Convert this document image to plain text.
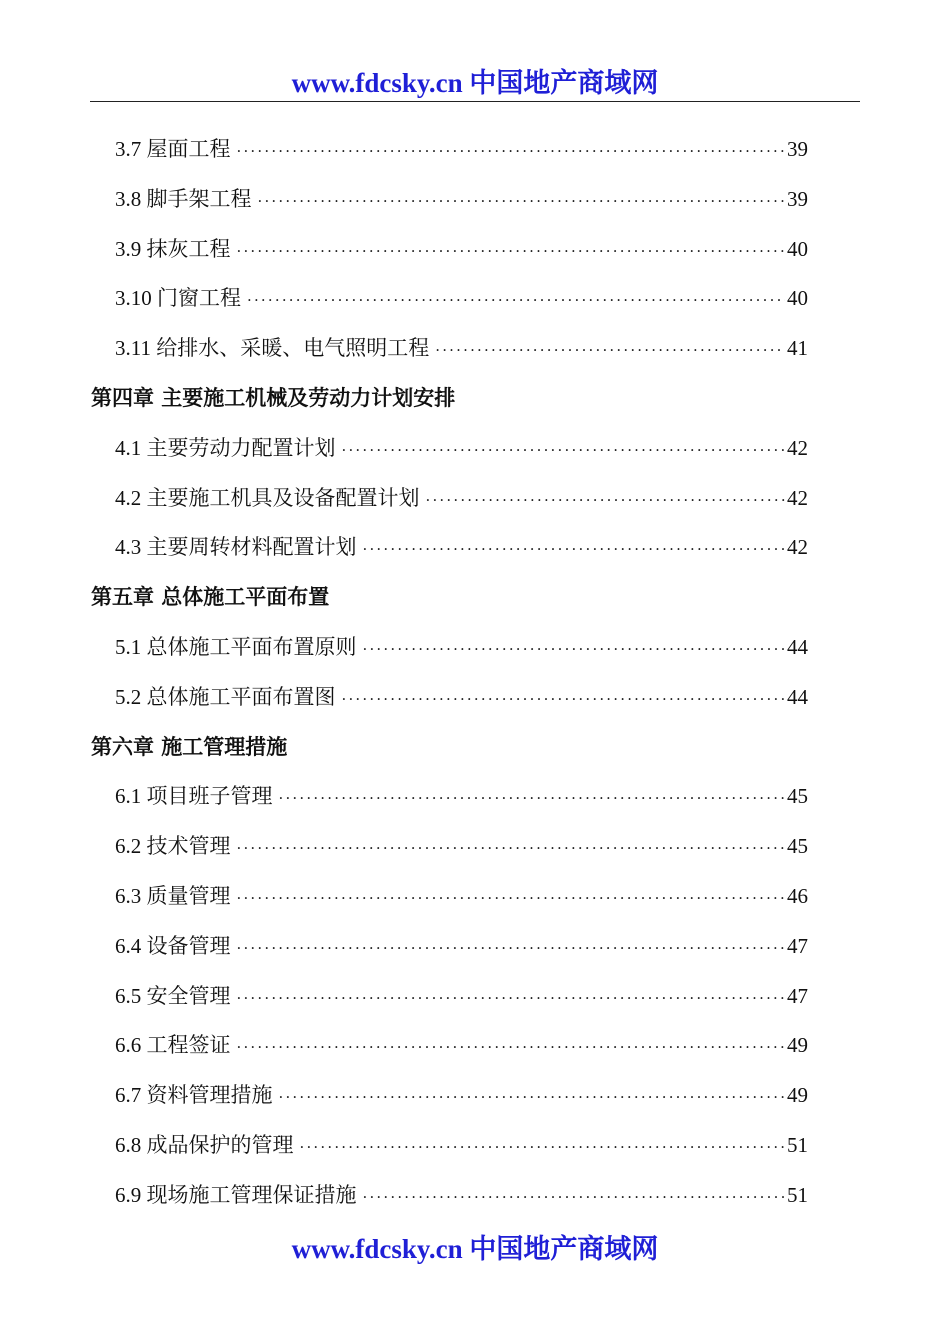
www.fdcsky.cn 中国地产商域网
3.7 屋面工程 ·····	39
3.8 脚手架工程 ·····	39
3.9 抹灰工程 ·····	40
3.10 门窗工程 ·····	40
3.11 给排水、采暖、电气照明工程 ·····	41
第四章 主要施工机械及劳动力计划安排
4.1 主要劳动力配置计划 ·····	42
4.2 主要施工机具及设备配置计划 ·····	42
4.3 主要周转材料配置计划 ·····	42
第五章 总体施工平面布置
5.1 总体施工平面布置原则 ·····	44
5.2 总体施工平面布置图 ·····	44
第六章 施工管理措施
6.1 项目班子管理 ·····	45
6.2 技术管理 ·····	45
6.3 质量管理 ·····	46
6.4 设备管理 ·····	47
6.5 安全管理 ·····	47
6.6 工程签证 ·····	49
6.7 资料管理措施 ·····	49
6.8 成品保护的管理 ·····	51
6.9 现场施工管理保证措施 ·····	51
www.fdcsky.cn 中国地产商域网
